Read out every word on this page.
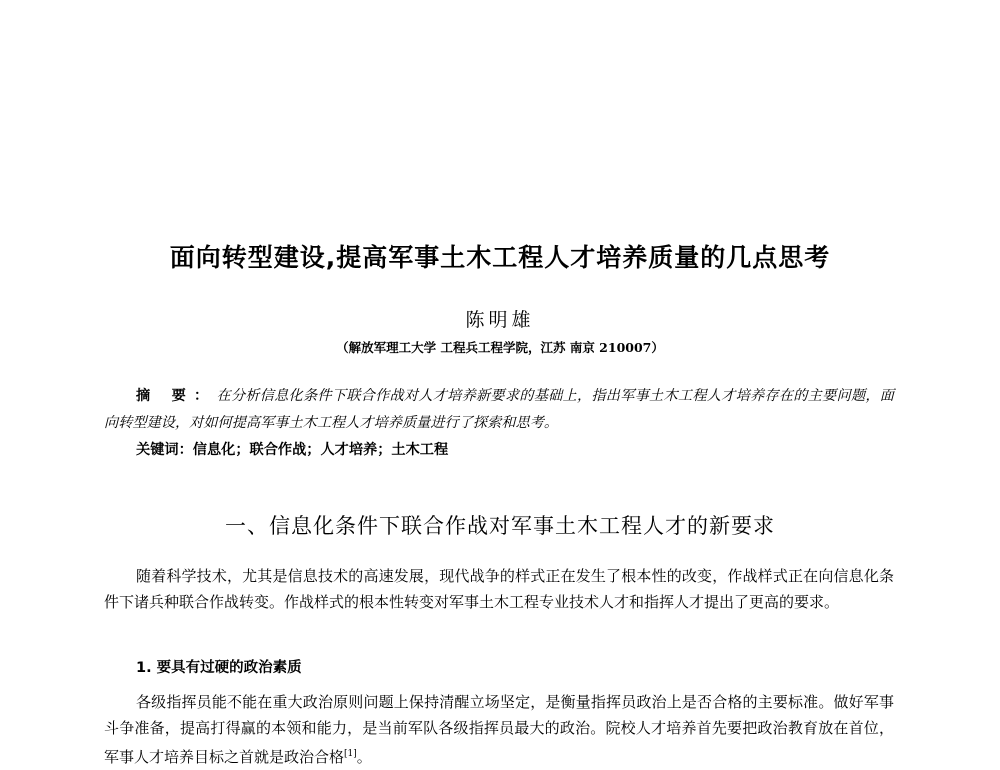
面向转型建设,提高军事土木工程人才培养质量的几点思考
陈明雄
（解放军理工大学 工程兵工程学院，江苏 南京 210007）
摘 要：在分析信息化条件下联合作战对人才培养新要求的基础上，指出军事土木工程人才培养存在的主要问题，面向转型建设，对如何提高军事土木工程人才培养质量进行了探索和思考。
关键词：信息化；联合作战；人才培养；土木工程
一、信息化条件下联合作战对军事土木工程人才的新要求
随着科学技术，尤其是信息技术的高速发展，现代战争的样式正在发生了根本性的改变，作战样式正在向信息化条件下诸兵种联合作战转变。作战样式的根本性转变对军事土木工程专业技术人才和指挥人才提出了更高的要求。
1. 要具有过硬的政治素质
各级指挥员能不能在重大政治原则问题上保持清醒立场坚定，是衡量指挥员政治上是否合格的主要标准。做好军事斗争准备，提高打得赢的本领和能力，是当前军队各级指挥员最大的政治。院校人才培养首先要把政治教育放在首位，军事人才培养目标之首就是政治合格[1]。
